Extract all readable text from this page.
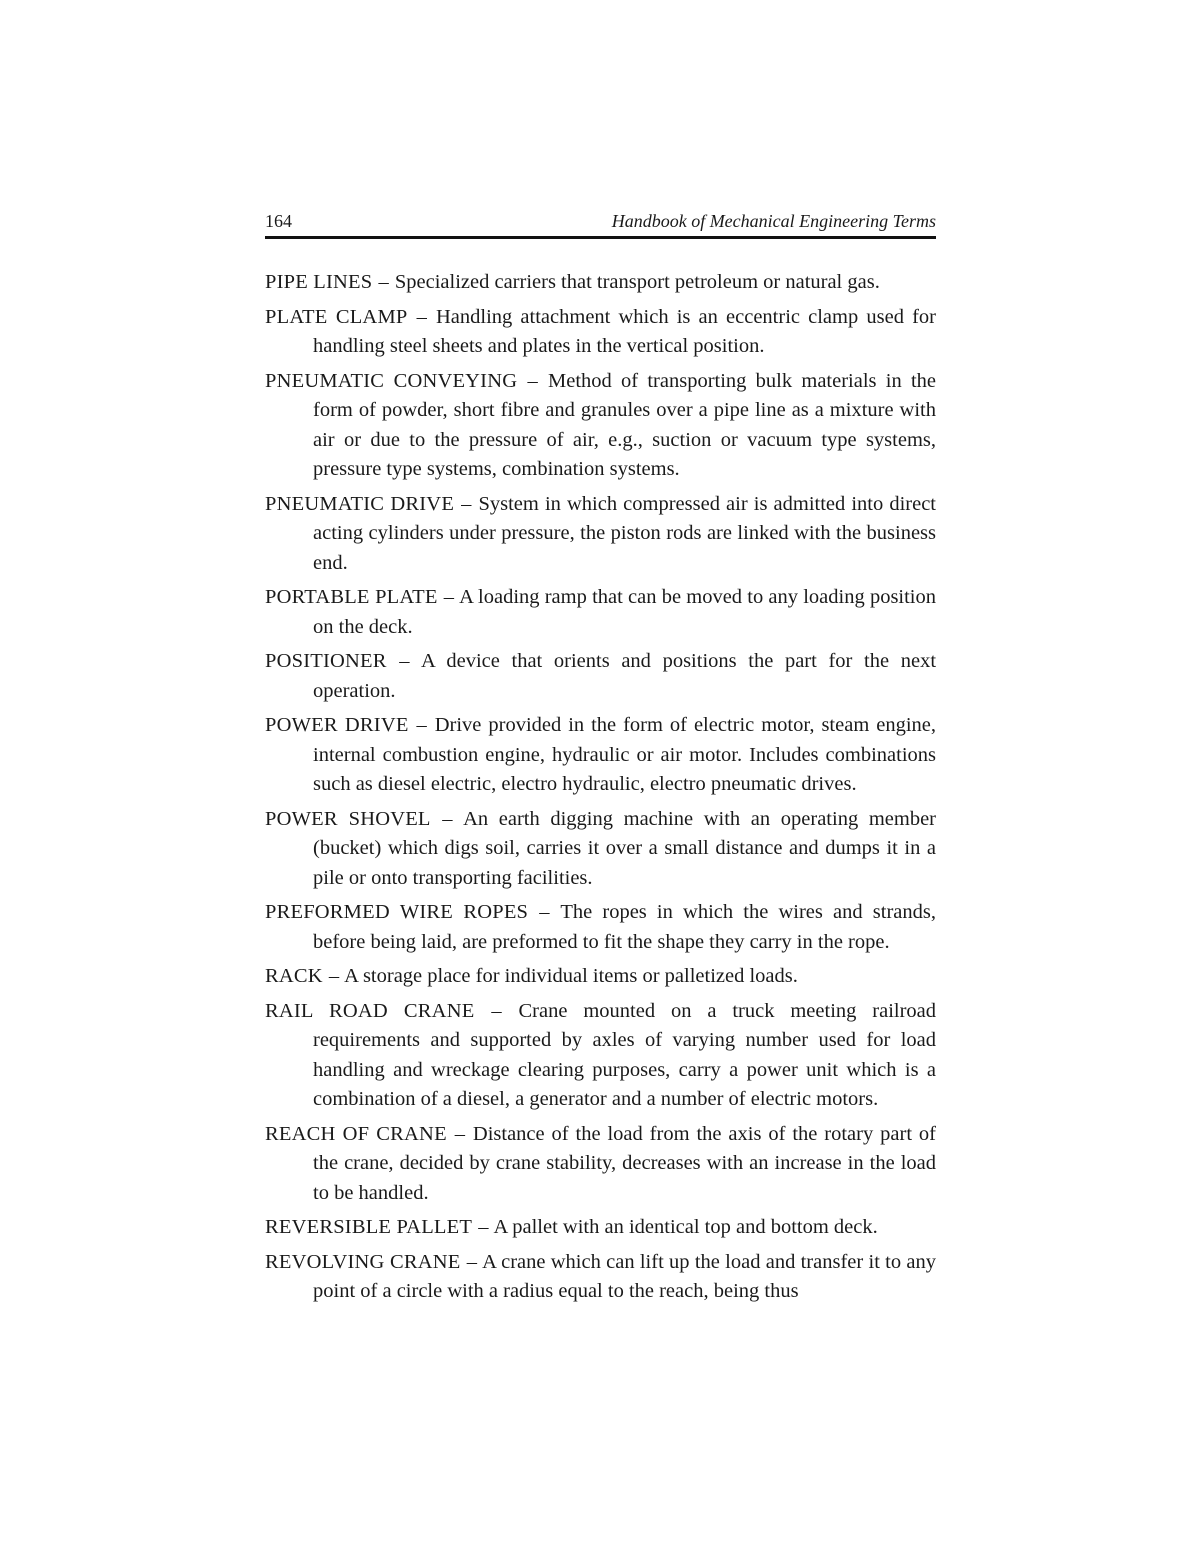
164	Handbook of Mechanical Engineering Terms

PIPE LINES – Specialized carriers that transport petroleum or natural gas.

PLATE CLAMP – Handling attachment which is an eccentric clamp used for handling steel sheets and plates in the vertical position.

PNEUMATIC CONVEYING – Method of transporting bulk materials in the form of powder, short fibre and granules over a pipe line as a mixture with air or due to the pressure of air, e.g., suction or vacuum type systems, pressure type systems, combination systems.

PNEUMATIC DRIVE – System in which compressed air is admitted into direct acting cylinders under pressure, the piston rods are linked with the business end.

PORTABLE PLATE – A loading ramp that can be moved to any loading position on the deck.

POSITIONER – A device that orients and positions the part for the next operation.

POWER DRIVE – Drive provided in the form of electric motor, steam engine, internal combustion engine, hydraulic or air motor. Includes combinations such as diesel electric, electro hydraulic, electro pneumatic drives.

POWER SHOVEL – An earth digging machine with an operating member (bucket) which digs soil, carries it over a small distance and dumps it in a pile or onto transporting facilities.

PREFORMED WIRE ROPES – The ropes in which the wires and strands, before being laid, are preformed to fit the shape they carry in the rope.

RACK – A storage place for individual items or palletized loads.

RAIL ROAD CRANE – Crane mounted on a truck meeting railroad requirements and supported by axles of varying number used for load handling and wreckage clearing purposes, carry a power unit which is a combination of a diesel, a generator and a number of electric motors.

REACH OF CRANE – Distance of the load from the axis of the rotary part of the crane, decided by crane stability, decreases with an increase in the load to be handled.

REVERSIBLE PALLET – A pallet with an identical top and bottom deck.

REVOLVING CRANE – A crane which can lift up the load and transfer it to any point of a circle with a radius equal to the reach, being thus
